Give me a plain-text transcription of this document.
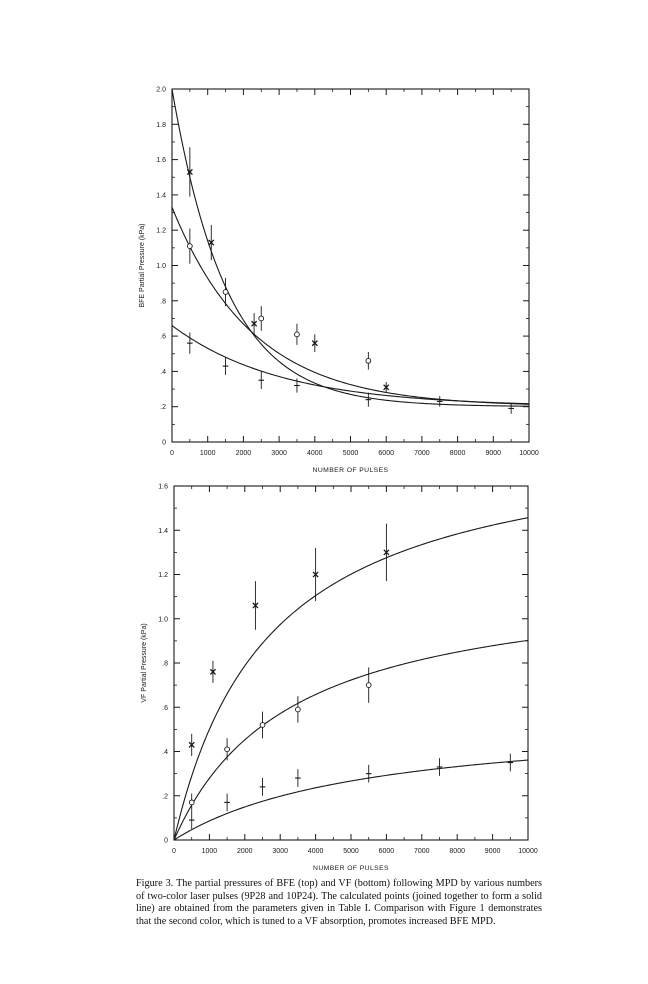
0	1000	2000	3000	4000	5000	6000	7000	8000	9000	10000
0
.2
.4
.6
.8
1.0
1.2
1.4
1.6
1.8
2.0
NUMBER OF PULSES
BFE Partial Pressure (kPa)
0	1000	2000	3000	4000	5000	6000	7000	8000	9000	10000
0
.2
.4
.6
.8
1.0
1.2
1.4
1.6
NUMBER OF PULSES
VF Partial Pressure (kPa)
Figure 3. The partial pressures of BFE (top) and VF (bottom) following MPD by various numbers of two-color laser pulses (9P28 and 10P24). The calculated points (joined together to form a solid line) are obtained from the parameters given in Table I. Comparison with Figure 1 demonstrates that the second color, which is tuned to a VF absorption, promotes increased BFE MPD.
